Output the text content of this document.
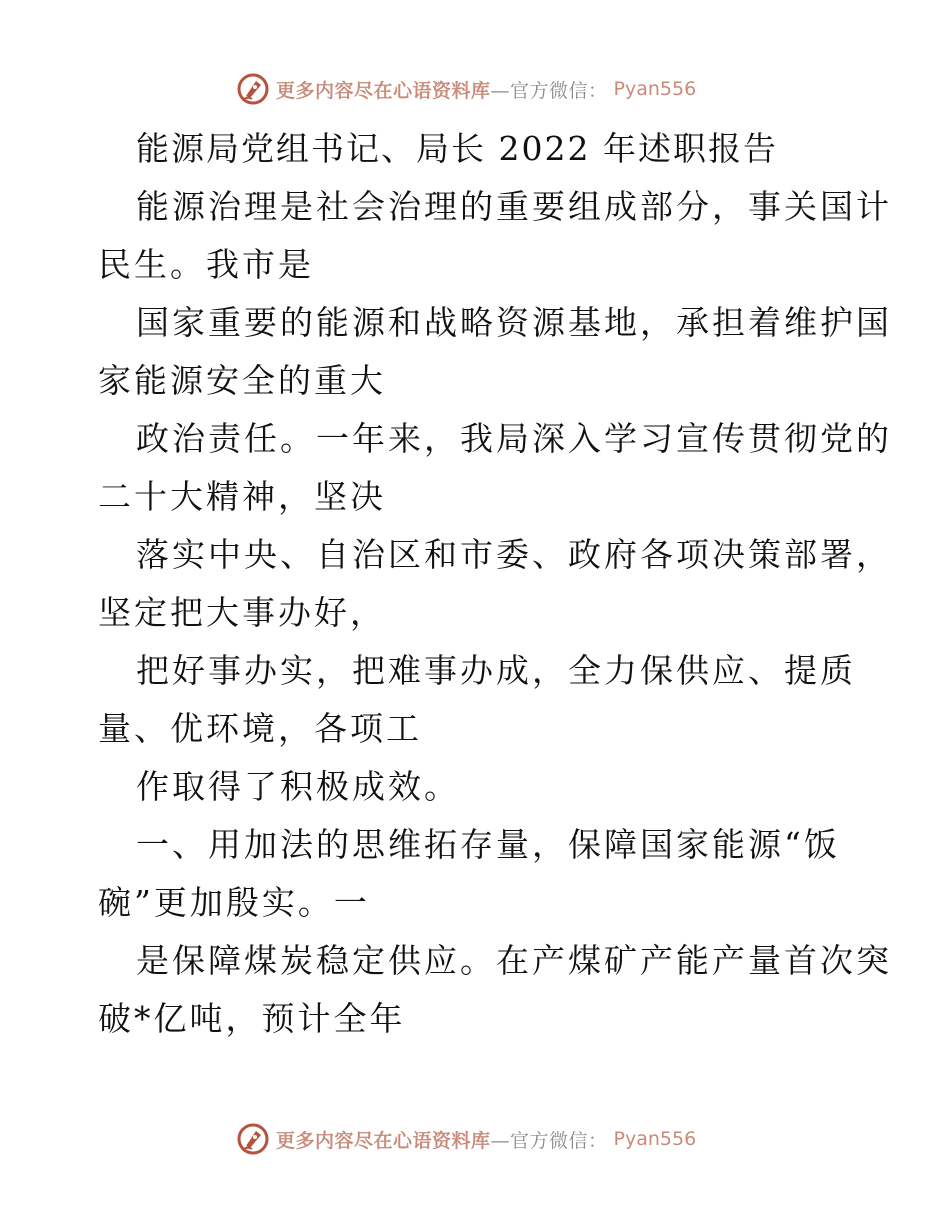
更多内容尽在心语资料库—官方微信： Pyan556
能源局党组书记、局长 2022 年述职报告
能源治理是社会治理的重要组成部分，事关国计
民生。我市是
国家重要的能源和战略资源基地，承担着维护国
家能源安全的重大
政治责任。一年来，我局深入学习宣传贯彻党的
二十大精神，坚决
落实中央、自治区和市委、政府各项决策部署，
坚定把大事办好，
把好事办实，把难事办成，全力保供应、提质
量、优环境，各项工
作取得了积极成效。
一、用加法的思维拓存量，保障国家能源“饭
碗”更加殷实。一
是保障煤炭稳定供应。在产煤矿产能产量首次突
破*亿吨，预计全年
更多内容尽在心语资料库—官方微信： Pyan556
